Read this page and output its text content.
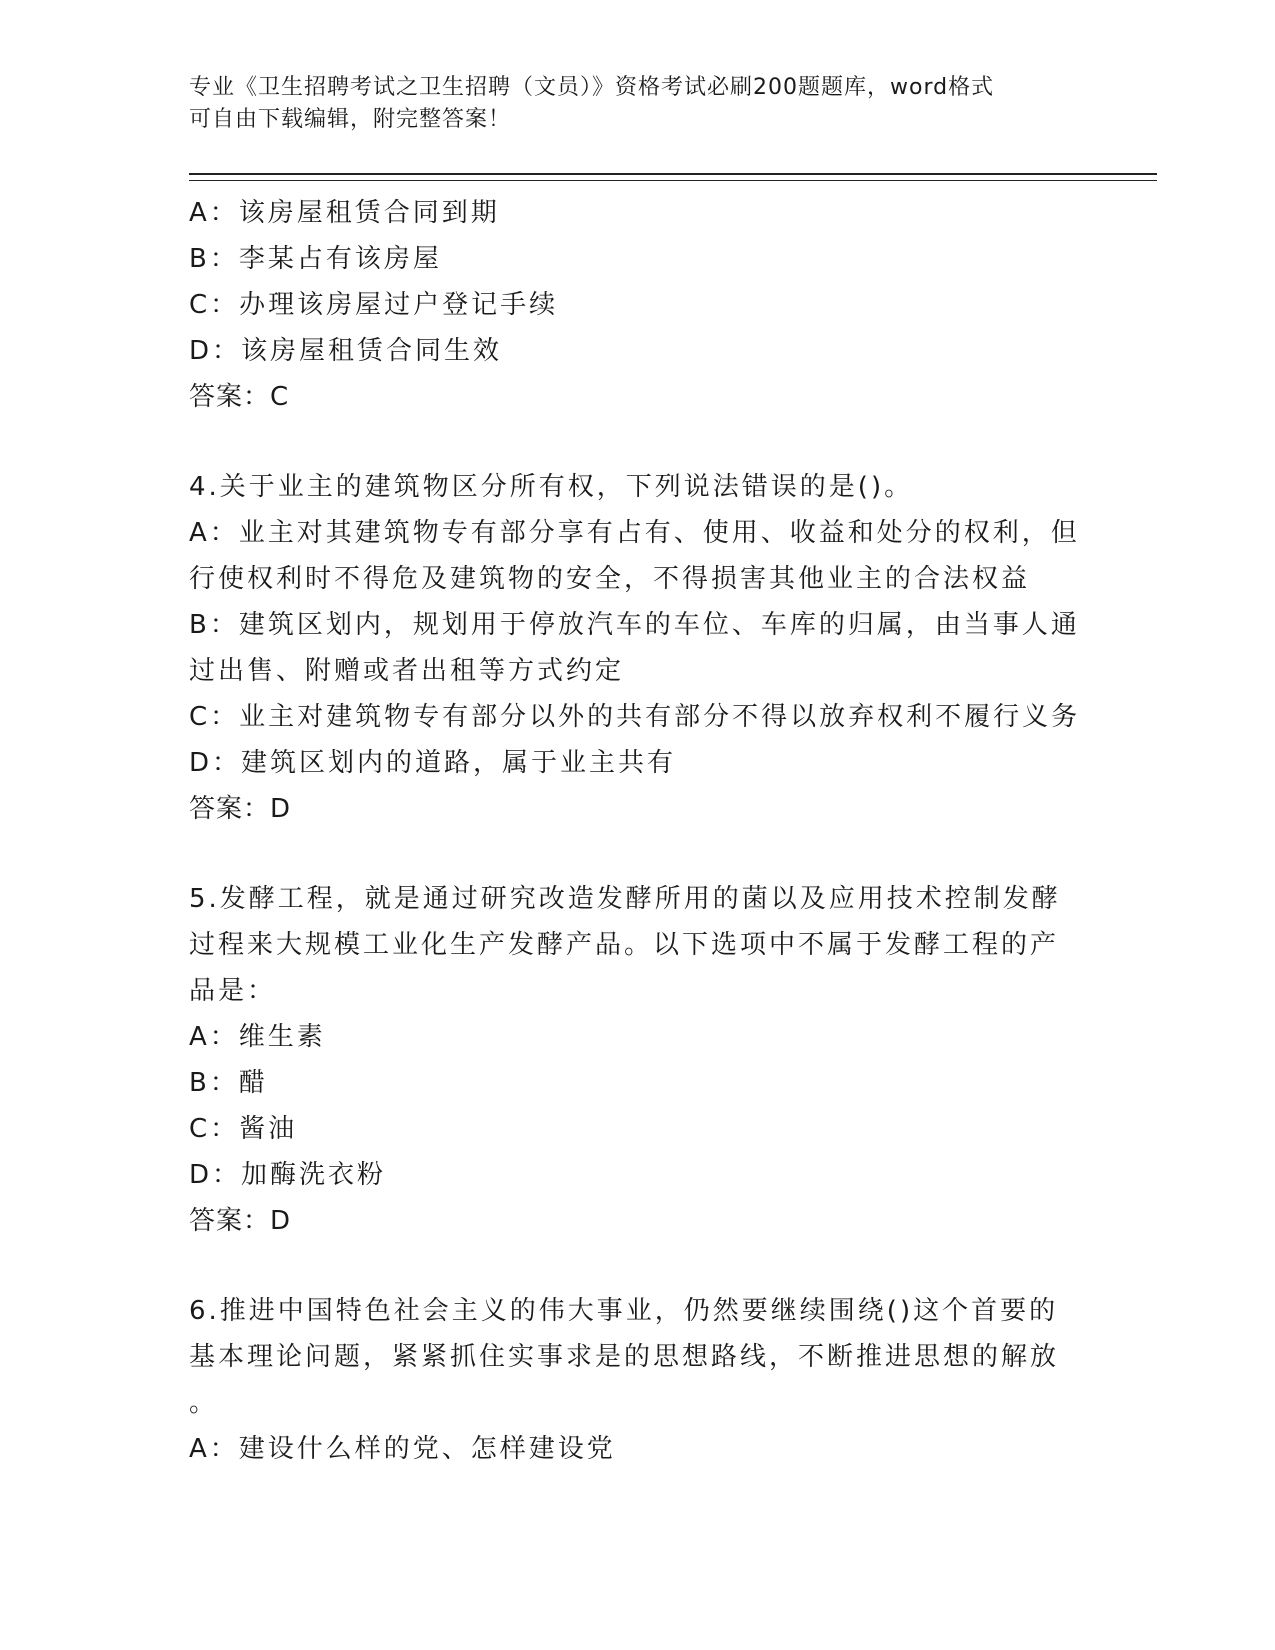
专业《卫生招聘考试之卫生招聘（文员）》资格考试必刷200题题库，word格式
可自由下载编辑，附完整答案！
A：该房屋租赁合同到期
B：李某占有该房屋
C：办理该房屋过户登记手续
D：该房屋租赁合同生效
答案：C
4.关于业主的建筑物区分所有权，下列说法错误的是()。
A：业主对其建筑物专有部分享有占有、使用、收益和处分的权利，但
行使权利时不得危及建筑物的安全，不得损害其他业主的合法权益
B：建筑区划内，规划用于停放汽车的车位、车库的归属，由当事人通
过出售、附赠或者出租等方式约定
C：业主对建筑物专有部分以外的共有部分不得以放弃权利不履行义务
D：建筑区划内的道路，属于业主共有
答案：D
5.发酵工程，就是通过研究改造发酵所用的菌以及应用技术控制发酵
过程来大规模工业化生产发酵产品。以下选项中不属于发酵工程的产
品是：
A：维生素
B：醋
C：酱油
D：加酶洗衣粉
答案：D
6.推进中国特色社会主义的伟大事业，仍然要继续围绕()这个首要的
基本理论问题，紧紧抓住实事求是的思想路线，不断推进思想的解放
。
A：建设什么样的党、怎样建设党
